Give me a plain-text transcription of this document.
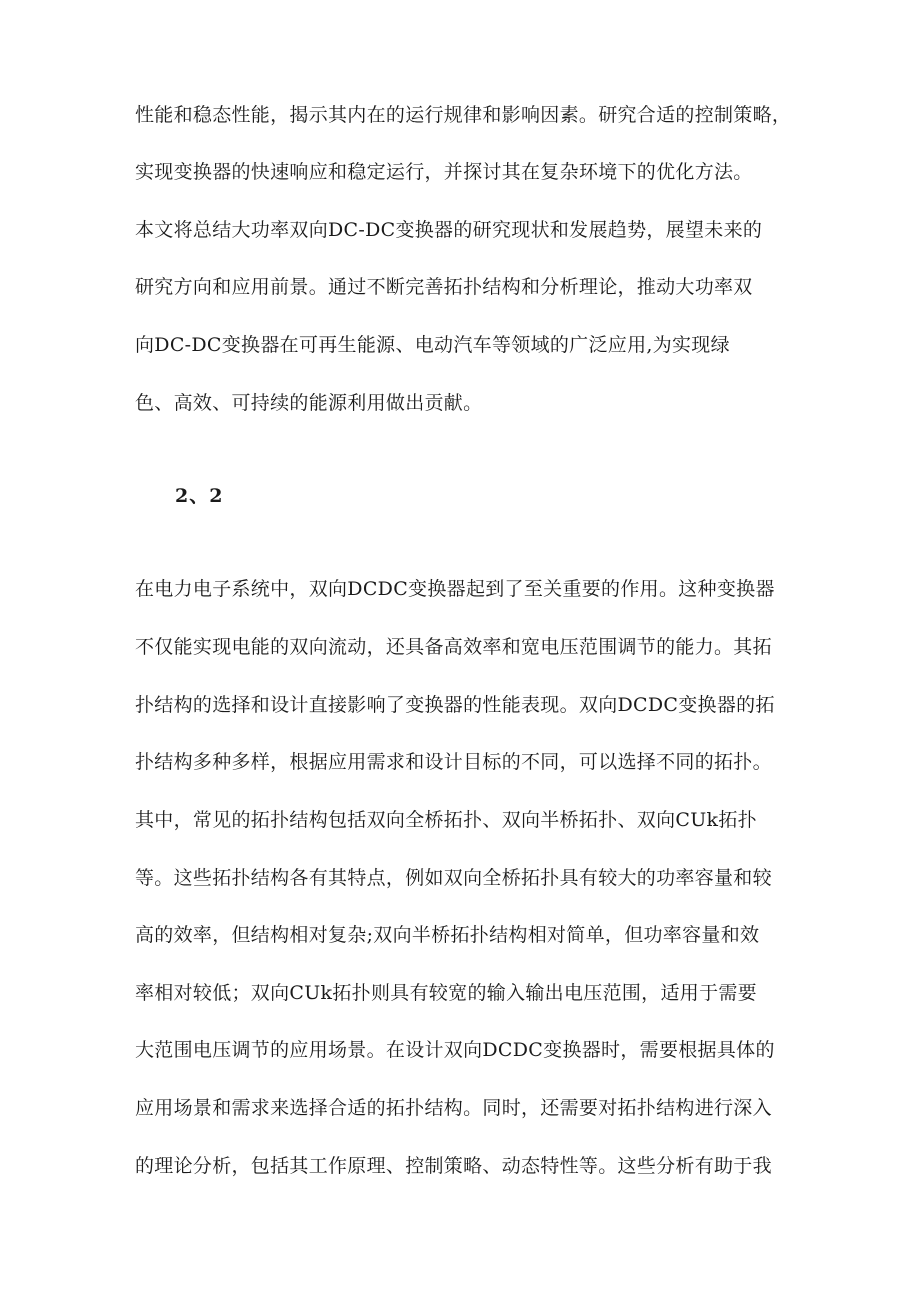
性能和稳态性能，揭示其内在的运行规律和影响因素。研究合适的控制策略，

实现变换器的快速响应和稳定运行，并探讨其在复杂环境下的优化方法。

本文将总结大功率双向DC-DC变换器的研究现状和发展趋势，展望未来的

研究方向和应用前景。通过不断完善拓扑结构和分析理论，推动大功率双

向DC-DC变换器在可再生能源、电动汽车等领域的广泛应用,为实现绿

色、高效、可持续的能源利用做出贡献。

2、2

在电力电子系统中，双向DCDC变换器起到了至关重要的作用。这种变换器

不仅能实现电能的双向流动，还具备高效率和宽电压范围调节的能力。其拓

扑结构的选择和设计直接影响了变换器的性能表现。双向DCDC变换器的拓

扑结构多种多样，根据应用需求和设计目标的不同，可以选择不同的拓扑。

其中，常见的拓扑结构包括双向全桥拓扑、双向半桥拓扑、双向CUk拓扑

等。这些拓扑结构各有其特点，例如双向全桥拓扑具有较大的功率容量和较

高的效率，但结构相对复杂;双向半桥拓扑结构相对简单，但功率容量和效

率相对较低；双向CUk拓扑则具有较宽的输入输出电压范围，适用于需要

大范围电压调节的应用场景。在设计双向DCDC变换器时，需要根据具体的

应用场景和需求来选择合适的拓扑结构。同时，还需要对拓扑结构进行深入

的理论分析，包括其工作原理、控制策略、动态特性等。这些分析有助于我
